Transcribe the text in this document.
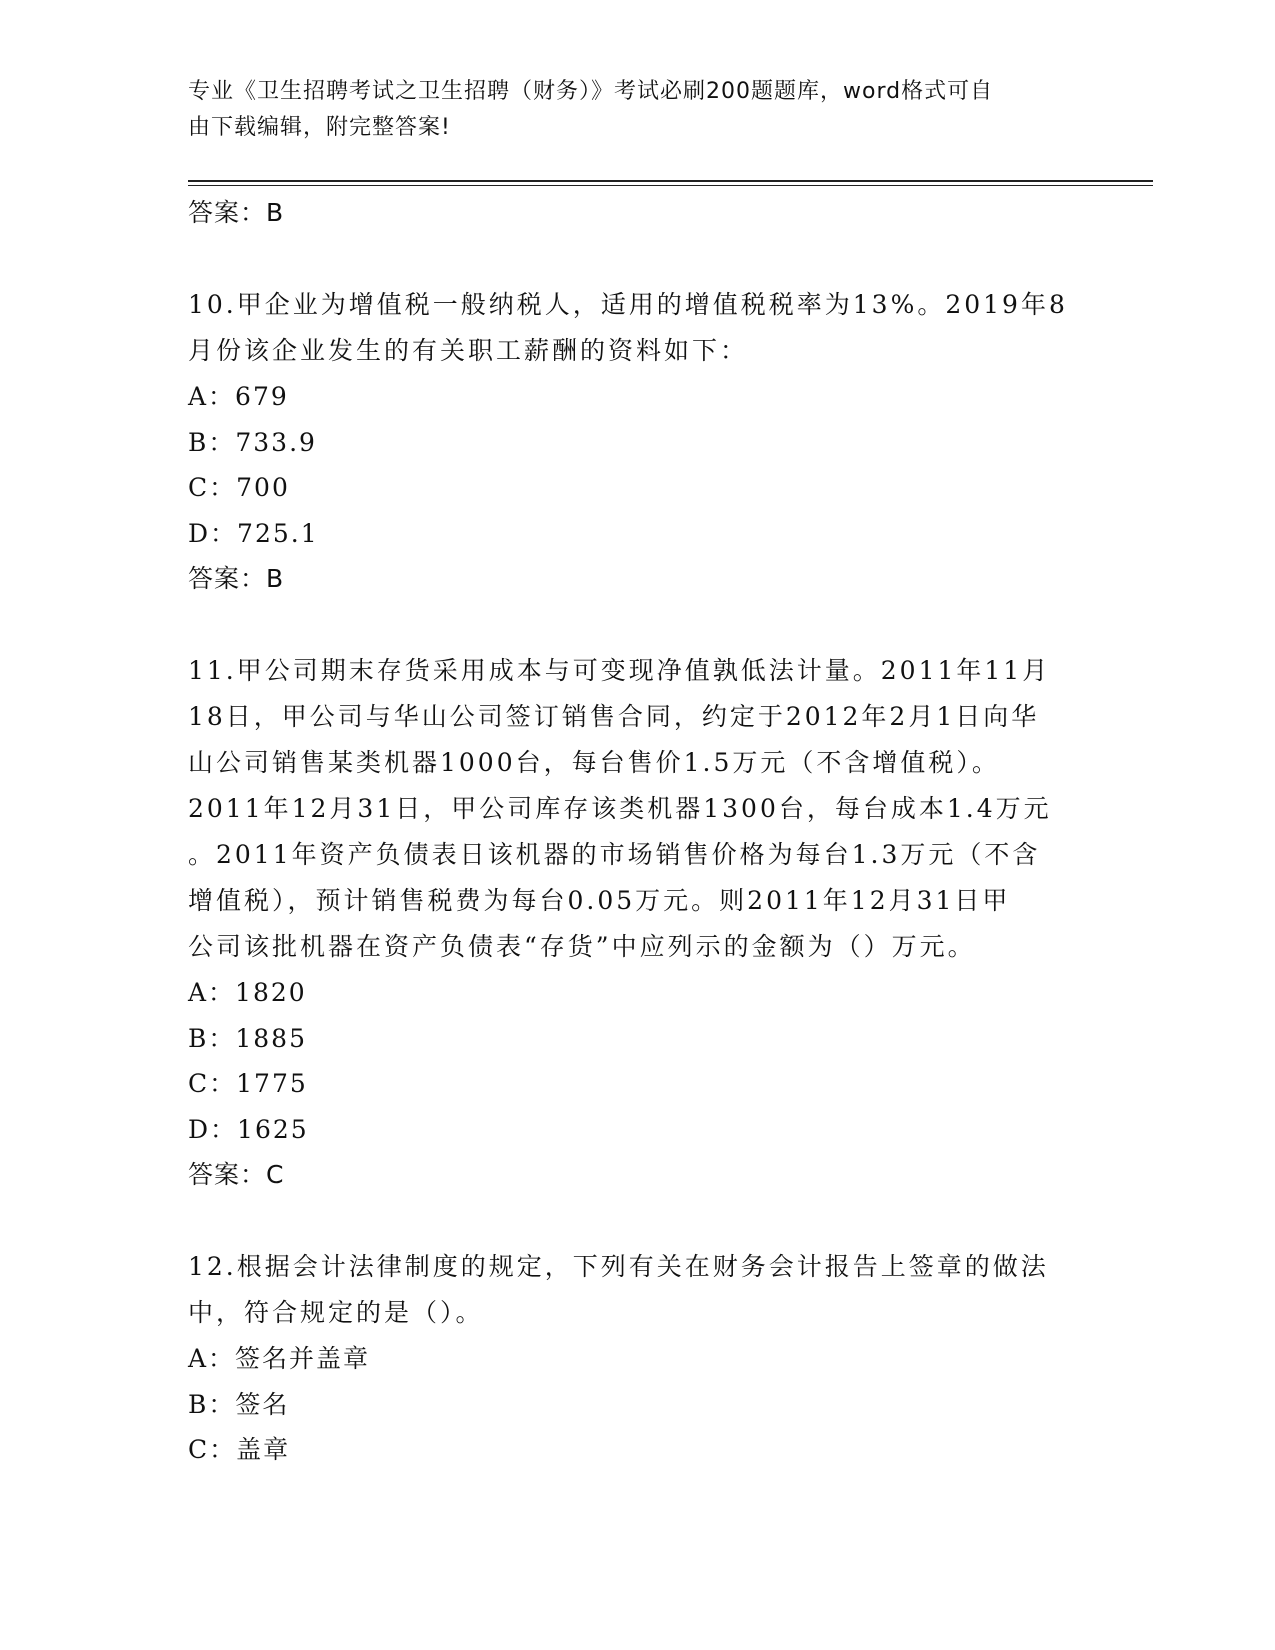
专业《卫生招聘考试之卫生招聘（财务）》考试必刷200题题库，word格式可自
由下载编辑，附完整答案!
答案：B
10.甲企业为增值税一般纳税人，适用的增值税税率为13%。2019年8
月份该企业发生的有关职工薪酬的资料如下：
A：679
B：733.9
C：700
D：725.1
答案：B
11.甲公司期末存货采用成本与可变现净值孰低法计量。2011年11月
18日，甲公司与华山公司签订销售合同，约定于2012年2月1日向华
山公司销售某类机器1000台，每台售价1.5万元（不含增值税）。
2011年12月31日，甲公司库存该类机器1300台，每台成本1.4万元
。2011年资产负债表日该机器的市场销售价格为每台1.3万元（不含
增值税），预计销售税费为每台0.05万元。则2011年12月31日甲
公司该批机器在资产负债表“存货”中应列示的金额为（）万元。
A：1820
B：1885
C：1775
D：1625
答案：C
12.根据会计法律制度的规定，下列有关在财务会计报告上签章的做法
中，符合规定的是（）。
A：签名并盖章
B：签名
C：盖章
